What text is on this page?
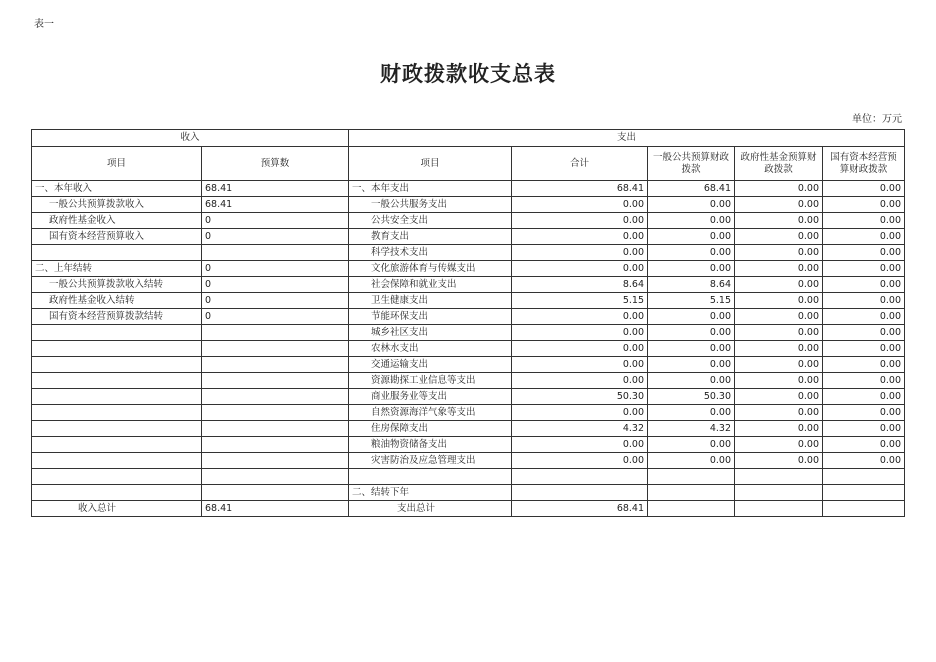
表一
财政拨款收支总表
单位：万元
收入		支出				
项目	预算数	项目	合计	一般公共预算财政拨款	政府性基金预算财政拨款	国有资本经营预算财政拨款
一、本年收入	68.41	一、本年支出	68.41	68.41	0.00	0.00
一般公共预算拨款收入	68.41	一般公共服务支出	0.00	0.00	0.00	0.00
政府性基金收入	0	公共安全支出	0.00	0.00	0.00	0.00
国有资本经营预算收入	0	教育支出	0.00	0.00	0.00	0.00
		科学技术支出	0.00	0.00	0.00	0.00
二、上年结转	0	文化旅游体育与传媒支出	0.00	0.00	0.00	0.00
一般公共预算拨款收入结转	0	社会保障和就业支出	8.64	8.64	0.00	0.00
政府性基金收入结转	0	卫生健康支出	5.15	5.15	0.00	0.00
国有资本经营预算拨款结转	0	节能环保支出	0.00	0.00	0.00	0.00
		城乡社区支出	0.00	0.00	0.00	0.00
		农林水支出	0.00	0.00	0.00	0.00
		交通运输支出	0.00	0.00	0.00	0.00
		资源勘探工业信息等支出	0.00	0.00	0.00	0.00
		商业服务业等支出	50.30	50.30	0.00	0.00
		自然资源海洋气象等支出	0.00	0.00	0.00	0.00
		住房保障支出	4.32	4.32	0.00	0.00
		粮油物资储备支出	0.00	0.00	0.00	0.00
		灾害防治及应急管理支出	0.00	0.00	0.00	0.00

		二、结转下年				
收入总计	68.41	支出总计	68.41			
